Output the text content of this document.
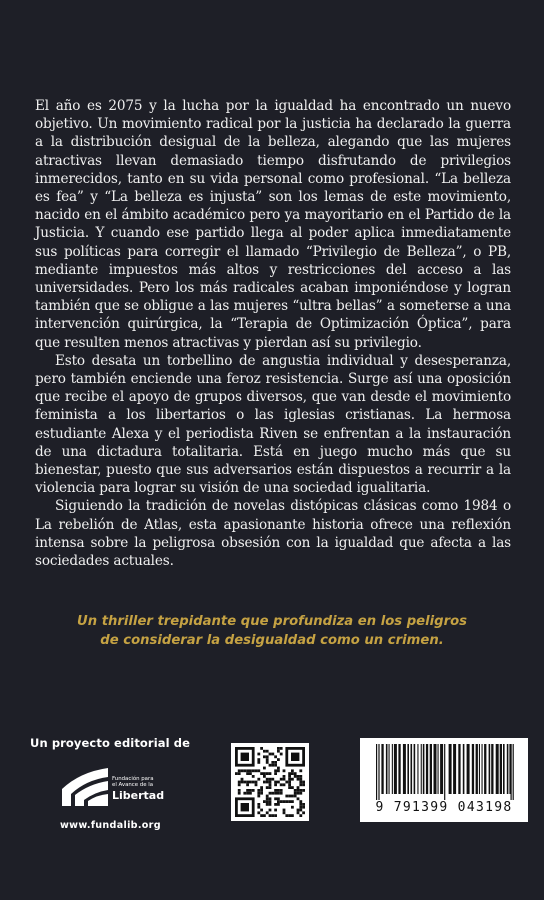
El año es 2075 y la lucha por la igualdad ha encontrado un nuevo objetivo. Un movimiento radical por la justicia ha declarado la guerra a la distribución desigual de la belleza, alegando que las mujeres atractivas llevan demasiado tiempo disfrutando de privilegios inmerecidos, tanto en su vida personal como profesional. “La belleza es fea” y “La belleza es injusta” son los lemas de este movimiento, nacido en el ámbito académico pero ya mayoritario en el Partido de la Justicia. Y cuando ese partido llega al poder aplica inmediatamente sus políticas para corregir el llamado “Privilegio de Belleza”, o PB, mediante impuestos más altos y restricciones del acceso a las universidades. Pero los más radicales acaban imponiéndose y logran también que se obligue a las mujeres “ultra bellas” a someterse a una intervención quirúrgica, la “Terapia de Optimización Óptica”, para que resulten menos atractivas y pierdan así su privilegio.

Esto desata un torbellino de angustia individual y desesperanza, pero también enciende una feroz resistencia. Surge así una oposición que recibe el apoyo de grupos diversos, que van desde el movimiento feminista a los libertarios o las iglesias cristianas. La hermosa estudiante Alexa y el periodista Riven se enfrentan a la instauración de una dictadura totalitaria. Está en juego mucho más que su bienestar, puesto que sus adversarios están dispuestos a recurrir a la violencia para lograr su visión de una sociedad igualitaria.

Siguiendo la tradición de novelas distópicas clásicas como 1984 o La rebelión de Atlas, esta apasionante historia ofrece una reflexión intensa sobre la peligrosa obsesión con la igualdad que afecta a las sociedades actuales.

Un thriller trepidante que profundiza en los peligros
de considerar la desigualdad como un crimen.
Un proyecto editorial de
Fundación para
el Avance de la
Libertad
www.fundalib.org
9 791399 043198
